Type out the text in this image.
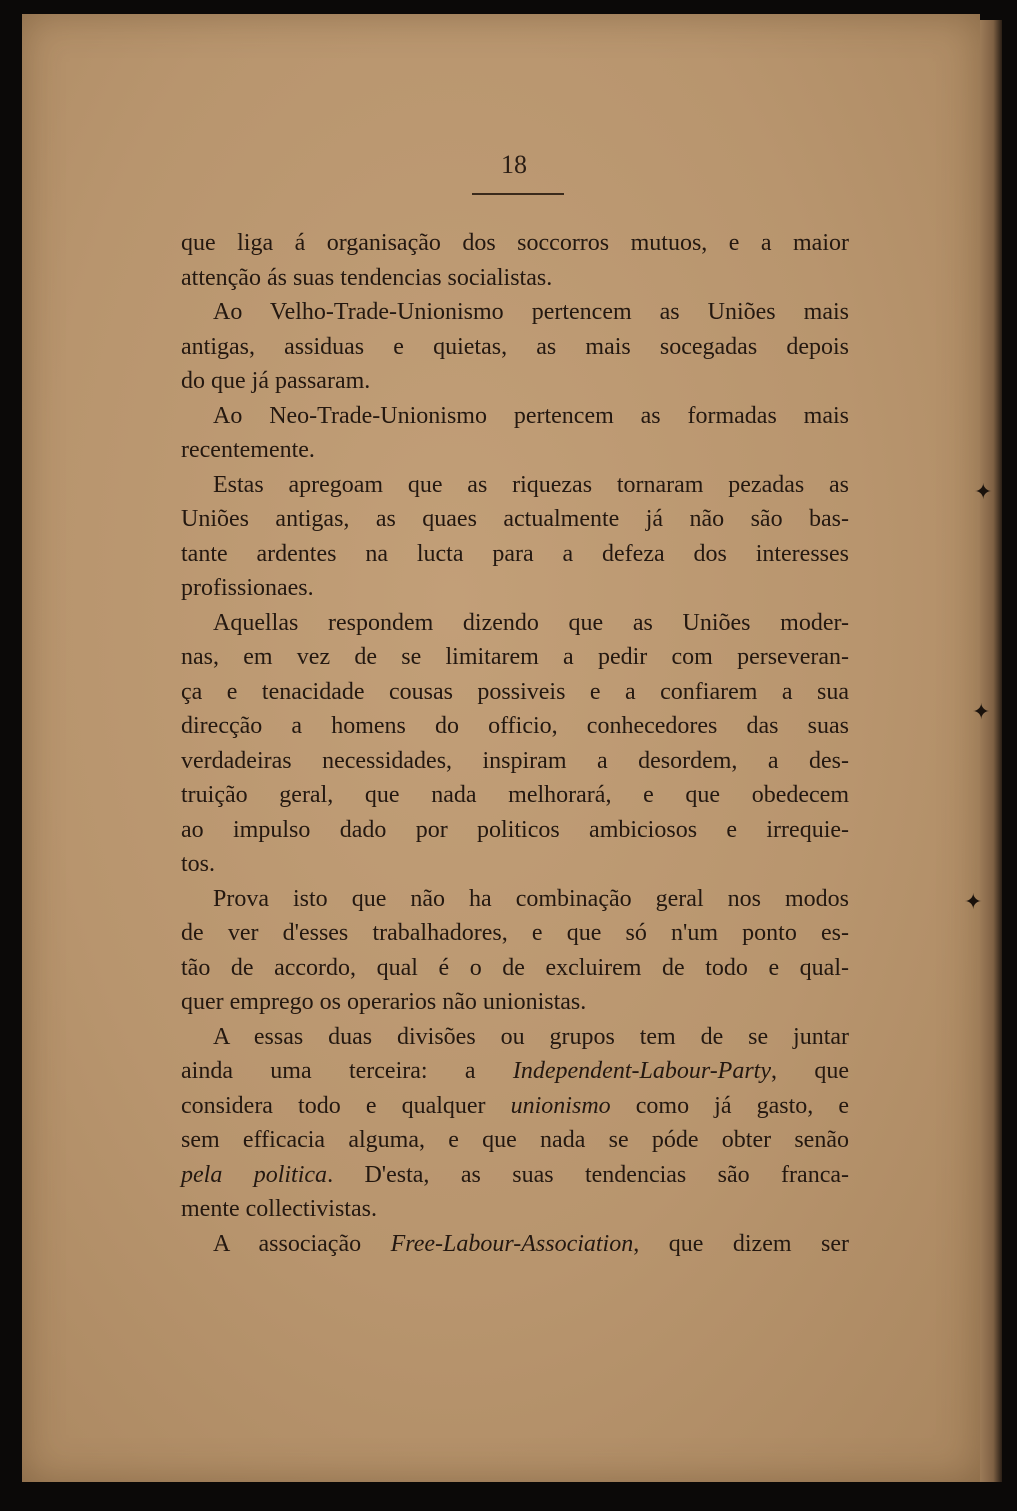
✦
✦
✦
18
que liga á organisação dos soccorros mutuos, e a maior
attenção ás suas tendencias socialistas.
Ao Velho-Trade-Unionismo pertencem as Uniões mais
antigas, assiduas e quietas, as mais socegadas depois
do que já passaram.
Ao Neo-Trade-Unionismo pertencem as formadas mais
recentemente.
Estas apregoam que as riquezas tornaram pezadas as
Uniões antigas, as quaes actualmente já não são bas-
tante ardentes na lucta para a defeza dos interesses
profissionaes.
Aquellas respondem dizendo que as Uniões moder-
nas, em vez de se limitarem a pedir com perseveran-
ça e tenacidade cousas possiveis e a confiarem a sua
direcção a homens do officio, conhecedores das suas
verdadeiras necessidades, inspiram a desordem, a des-
truição geral, que nada melhorará, e que obedecem
ao impulso dado por politicos ambiciosos e irrequie-
tos.
Prova isto que não ha combinação geral nos modos
de ver d'esses trabalhadores, e que só n'um ponto es-
tão de accordo, qual é o de excluirem de todo e qual-
quer emprego os operarios não unionistas.
A essas duas divisões ou grupos tem de se juntar
ainda uma terceira: a Independent-Labour-Party, que
considera todo e qualquer unionismo como já gasto, e
sem efficacia alguma, e que nada se póde obter senão
pela politica. D'esta, as suas tendencias são franca-
mente collectivistas.
A associação Free-Labour-Association, que dizem ser
